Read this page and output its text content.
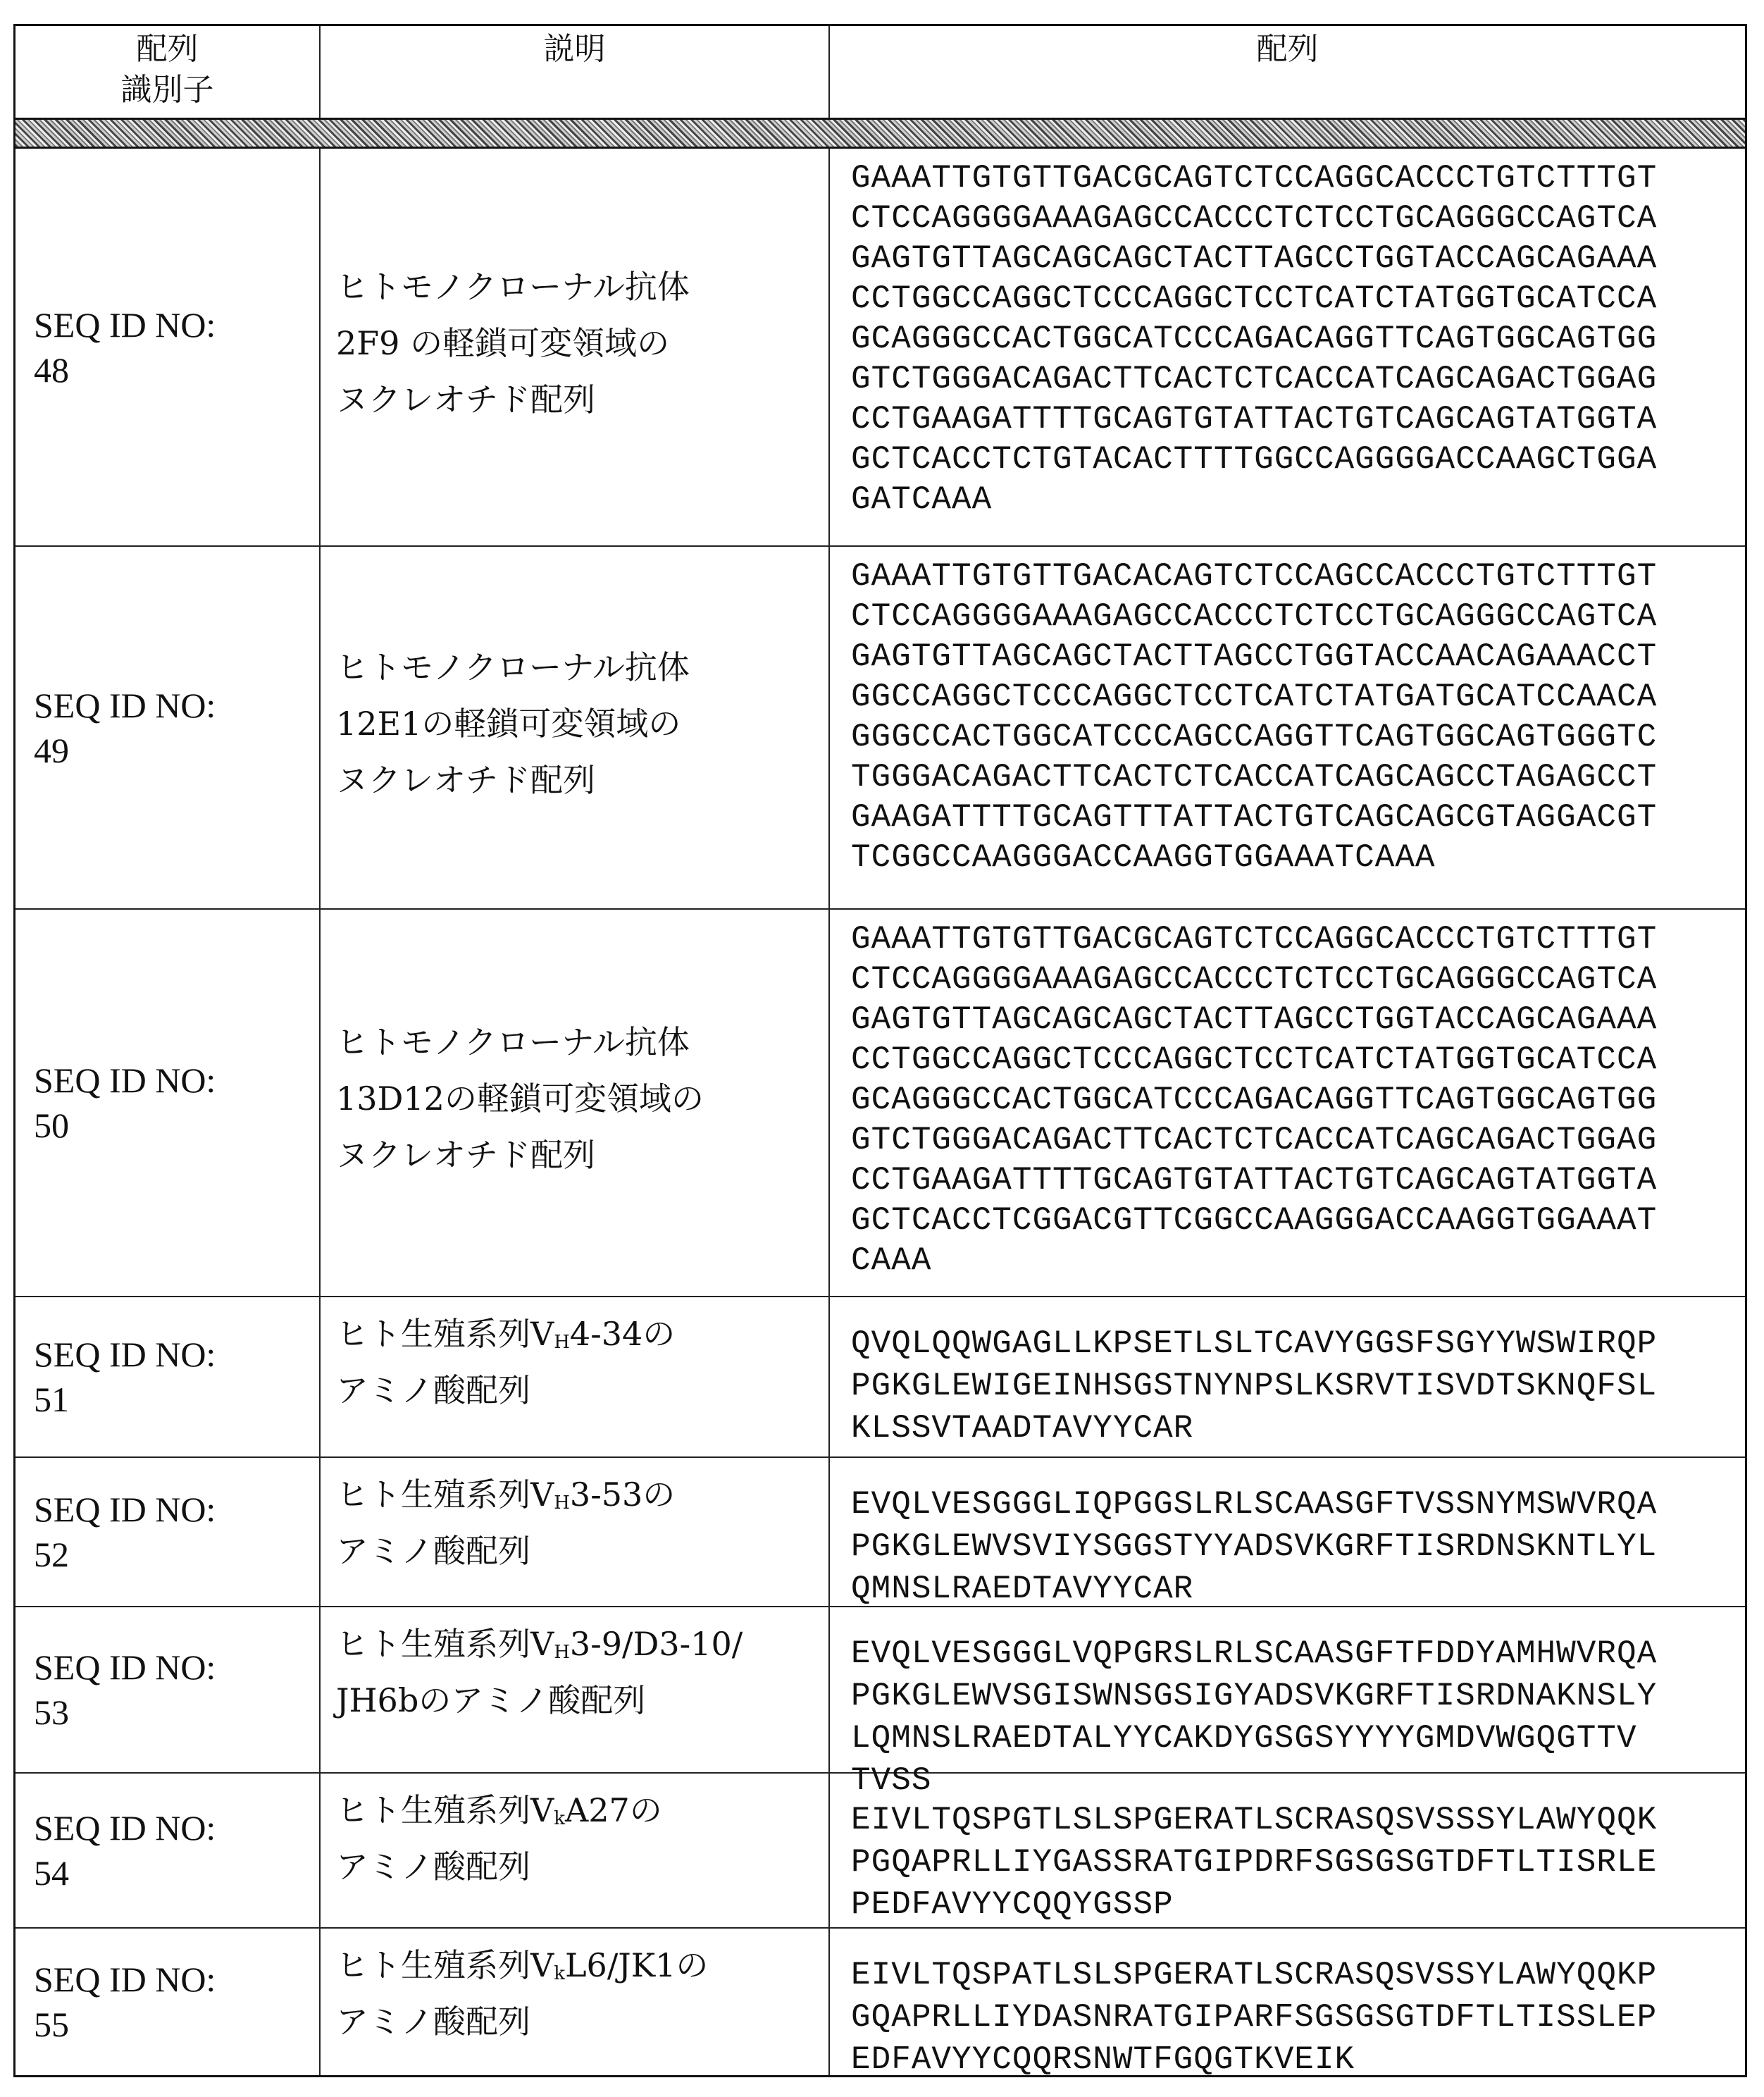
配列
識別子
説明	配列
SEQ ID NO:
48
ヒトモノクローナル抗体
2F9 の軽鎖可変領域の
ヌクレオチド配列
GAAATTGTGTTGACGCAGTCTCCAGGCACCCTGTCTTTGT
CTCCAGGGGAAAGAGCCACCCTCTCCTGCAGGGCCAGTCA
GAGTGTTAGCAGCAGCTACTTAGCCTGGTACCAGCAGAAA
CCTGGCCAGGCTCCCAGGCTCCTCATCTATGGTGCATCCA
GCAGGGCCACTGGCATCCCAGACAGGTTCAGTGGCAGTGG
GTCTGGGACAGACTTCACTCTCACCATCAGCAGACTGGAG
CCTGAAGATTTTGCAGTGTATTACTGTCAGCAGTATGGTA
GCTCACCTCTGTACACTTTTGGCCAGGGGACCAAGCTGGA
GATCAAA
SEQ ID NO:
49
ヒトモノクローナル抗体
12E1の軽鎖可変領域の
ヌクレオチド配列
GAAATTGTGTTGACACAGTCTCCAGCCACCCTGTCTTTGT
CTCCAGGGGAAAGAGCCACCCTCTCCTGCAGGGCCAGTCA
GAGTGTTAGCAGCTACTTAGCCTGGTACCAACAGAAACCT
GGCCAGGCTCCCAGGCTCCTCATCTATGATGCATCCAACA
GGGCCACTGGCATCCCAGCCAGGTTCAGTGGCAGTGGGTC
TGGGACAGACTTCACTCTCACCATCAGCAGCCTAGAGCCT
GAAGATTTTGCAGTTTATTACTGTCAGCAGCGTAGGACGT
TCGGCCAAGGGACCAAGGTGGAAATCAAA
SEQ ID NO:
50
ヒトモノクローナル抗体
13D12の軽鎖可変領域の
ヌクレオチド配列
GAAATTGTGTTGACGCAGTCTCCAGGCACCCTGTCTTTGT
CTCCAGGGGAAAGAGCCACCCTCTCCTGCAGGGCCAGTCA
GAGTGTTAGCAGCAGCTACTTAGCCTGGTACCAGCAGAAA
CCTGGCCAGGCTCCCAGGCTCCTCATCTATGGTGCATCCA
GCAGGGCCACTGGCATCCCAGACAGGTTCAGTGGCAGTGG
GTCTGGGACAGACTTCACTCTCACCATCAGCAGACTGGAG
CCTGAAGATTTTGCAGTGTATTACTGTCAGCAGTATGGTA
GCTCACCTCGGACGTTCGGCCAAGGGACCAAGGTGGAAAT
CAAA
SEQ ID NO:
51
ヒト生殖系列VH4-34の
アミノ酸配列
QVQLQQWGAGLLKPSETLSLTCAVYGGSFSGYYWSWIRQP
PGKGLEWIGEINHSGSTNYNPSLKSRVTISVDTSKNQFSL
KLSSVTAADTAVYYCAR
SEQ ID NO:
52
ヒト生殖系列VH3-53の
アミノ酸配列
EVQLVESGGGLIQPGGSLRLSCAASGFTVSSNYMSWVRQA
PGKGLEWVSVIYSGGSTYYADSVKGRFTISRDNSKNTLYL
QMNSLRAEDTAVYYCAR
SEQ ID NO:
53
ヒト生殖系列VH3-9/D3-10/
JH6bのアミノ酸配列
EVQLVESGGGLVQPGRSLRLSCAASGFTFDDYAMHWVRQA
PGKGLEWVSGISWNSGSIGYADSVKGRFTISRDNAKNSLY
LQMNSLRAEDTALYYCAKDYGSGSYYYYGMDVWGQGTTV
TVSS
SEQ ID NO:
54
ヒト生殖系列VkA27の
アミノ酸配列
EIVLTQSPGTLSLSPGERATLSCRASQSVSSSYLAWYQQK
PGQAPRLLIYGASSRATGIPDRFSGSGSGTDFTLTISRLE
PEDFAVYYCQQYGSSP
SEQ ID NO:
55
ヒト生殖系列VkL6/JK1の
アミノ酸配列
EIVLTQSPATLSLSPGERATLSCRASQSVSSYLAWYQQKP
GQAPRLLIYDASNRATGIPARFSGSGSGTDFTLTISSLEP
EDFAVYYCQQRSNWTFGQGTKVEIK
